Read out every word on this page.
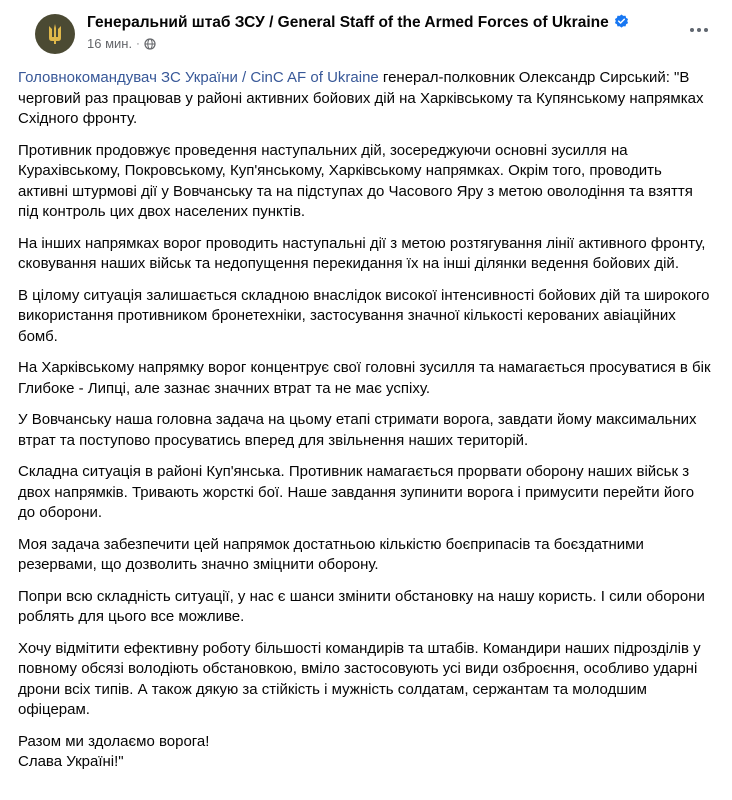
Генеральний штаб ЗСУ / General Staff of the Armed Forces of Ukraine
16 мин. ·

Головнокомандувач ЗС України / CinC AF of Ukraine генерал-полковник Олександр Сирський: "В черговий раз працював у районі активних бойових дій на Харківському та Купянському напрямках Східного фронту.

Противник продовжує проведення наступальних дій, зосереджуючи основні зусилля на Курахівському, Покровському, Куп'янському, Харківському напрямках. Окрім того, проводить активні штурмові дії у Вовчанську та на підступах до Часового Яру з метою оволодіння та взяття під контроль цих двох населених пунктів.

На інших напрямках ворог проводить наступальні дії з метою розтягування лінії активного фронту, сковування наших військ та недопущення перекидання їх на інші ділянки ведення бойових дій.

В цілому ситуація залишається складною внаслідок високої інтенсивності бойових дій та широкого використання противником бронетехніки, застосування значної кількості керованих авіаційних бомб.

На Харківському напрямку ворог концентрує свої головні зусилля та намагається просуватися в бік Глибоке - Липці, але зазнає значних втрат та не має успіху.

У Вовчанську наша головна задача на цьому етапі стримати ворога, завдати йому максимальних втрат та поступово просуватись вперед для звільнення наших територій.

Складна ситуація в районі Куп'янська. Противник намагається прорвати оборону наших військ з двох напрямків. Тривають жорсткі бої. Наше завдання зупинити ворога і примусити перейти його до оборони.

Моя задача забезпечити цей напрямок достатньою кількістю боєприпасів та боєздатними резервами, що дозволить значно зміцнити оборону.

Попри всю складність ситуації, у нас є шанси змінити обстановку на нашу користь. І сили оборони роблять для цього все можливе.

Хочу відмітити ефективну роботу більшості командирів та штабів. Командири наших підрозділів у повному обсязі володіють обстановкою, вміло застосовують усі види озброєння, особливо ударні дрони всіх типів. А також дякую за стійкість і мужність солдатам, сержантам та молодшим офіцерам.

Разом ми здолаємо ворога!

Слава Україні!"
